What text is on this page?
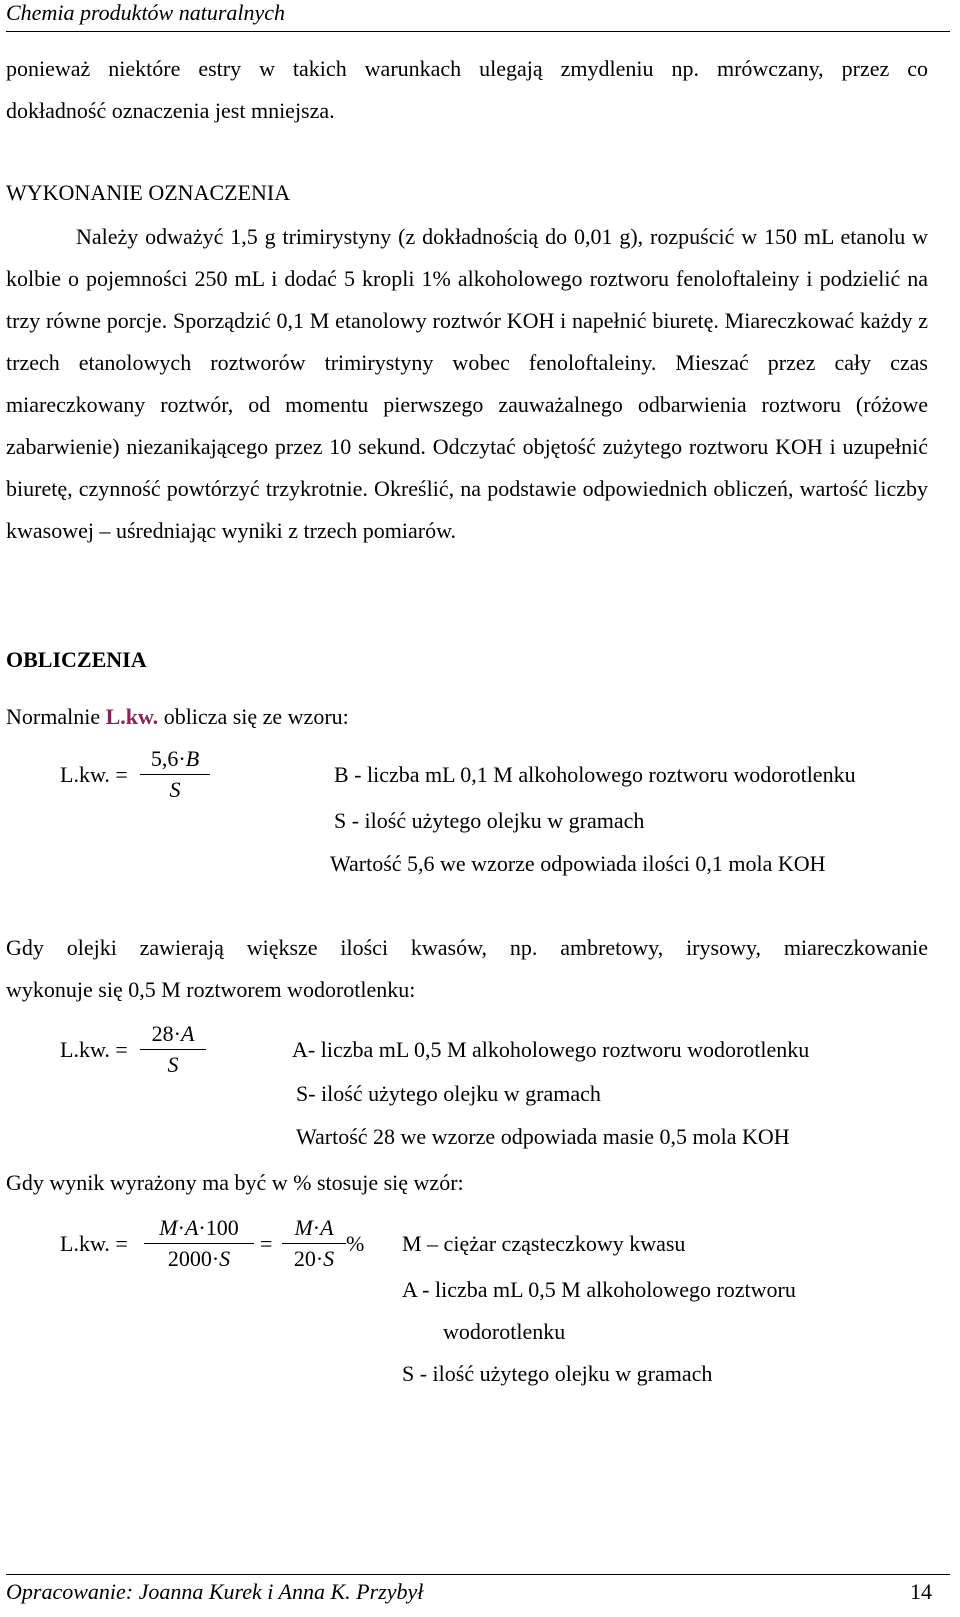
Chemia produktów naturalnych
ponieważ niektóre estry w takich warunkach ulegają zmydleniu np. mrówczany, przez co
dokładność oznaczenia jest mniejsza.
WYKONANIE OZNACZENIA

Należy odważyć 1,5 g trimirystyny (z dokładnością do 0,01 g), rozpuścić w 150 mL etanolu w kolbie o pojemności 250 mL i dodać 5 kropli 1% alkoholowego roztworu fenoloftaleiny i podzielić na trzy równe porcje. Sporządzić 0,1 M etanolowy roztwór KOH i napełnić biuretę. Miareczkować każdy z trzech etanolowych roztworów trimirystyny wobec fenoloftaleiny. Mieszać przez cały czas miareczkowany roztwór, od momentu pierwszego zauważalnego odbarwienia roztworu (różowe zabarwienie) niezanikającego przez 10 sekund. Odczytać objętość zużytego roztworu KOH i uzupełnić biuretę, czynność powtórzyć trzykrotnie. Określić, na podstawie odpowiednich obliczeń, wartość liczby kwasowej – uśredniając wyniki z trzech pomiarów.

OBLICZENIA
Normalnie L.kw. oblicza się ze wzoru:
L.kw. =
5,6·B
S
B - liczba mL 0,1 M alkoholowego roztworu wodorotlenku
S - ilość użytego olejku w gramach
Wartość 5,6 we wzorze odpowiada ilości 0,1 mola KOH
Gdy olejki zawierają większe ilości kwasów, np. ambretowy, irysowy, miareczkowanie
wykonuje się 0,5 M roztworem wodorotlenku:
L.kw. =
28·A
S
A- liczba mL 0,5 M alkoholowego roztworu wodorotlenku
S- ilość użytego olejku w gramach
Wartość 28 we wzorze odpowiada masie 0,5 mola KOH
Gdy wynik wyrażony ma być w % stosuje się wzór:
L.kw. =
M·A·100
2000·S
=
M·A
20·S
% M – ciężar cząsteczkowy kwasu
A - liczba mL 0,5 M alkoholowego roztworu
wodorotlenku
S - ilość użytego olejku w gramach
Opracowanie: Joanna Kurek i Anna K. Przybył	14
